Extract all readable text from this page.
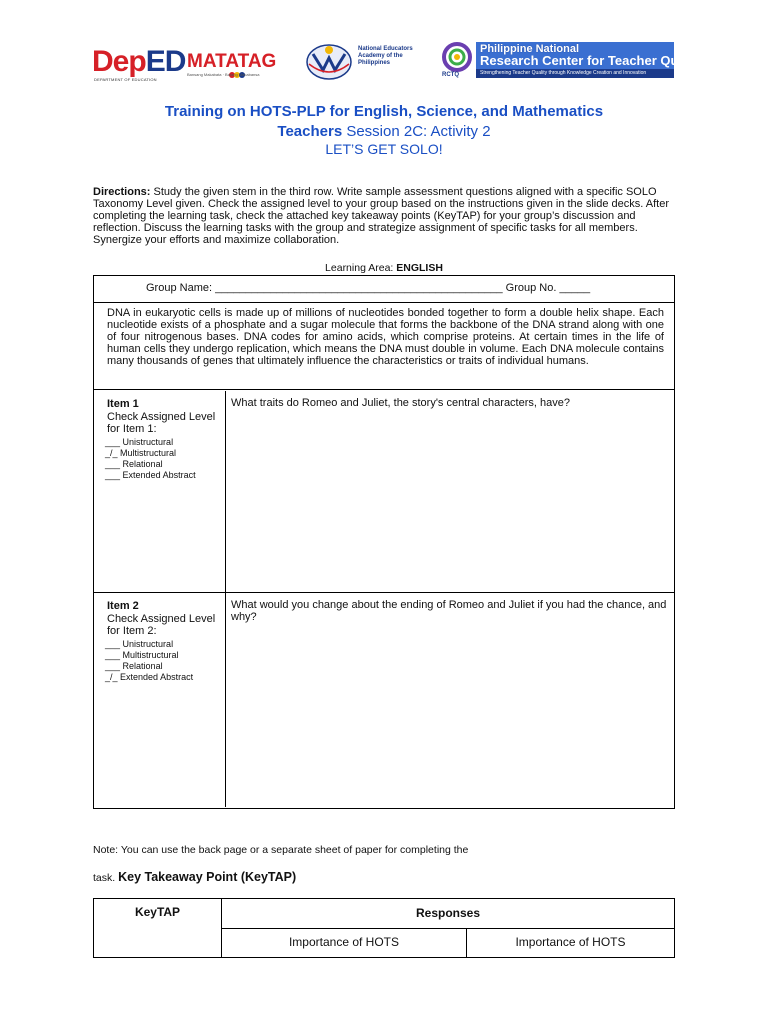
DepED
DEPARTMENT OF EDUCATION
MATATAG
Bansang Makabata · Batang Makabansa
National Educators Academy of the Philippines
RCTQ
Philippine National
Research Center for Teacher Quality
Strengthening Teacher Quality through Knowledge Creation and Innovation
Training on HOTS-PLP for English, Science, and Mathematics
Teachers Session 2C: Activity 2
LET’S GET SOLO!
Directions: Study the given stem in the third row. Write sample assessment questions aligned with a specific SOLO Taxonomy Level given. Check the assigned level to your group based on the instructions given in the slide decks. After completing the learning task, check the attached key takeaway points (KeyTAP) for your group’s discussion and reflection. Discuss the learning tasks with the group and strategize assignment of specific tasks for all members. Synergize your efforts and maximize collaboration.
Learning Area: ENGLISH
Group Name: _______________________________________________ Group No. _____
DNA in eukaryotic cells is made up of millions of nucleotides bonded together to form a double helix shape. Each nucleotide exists of a phosphate and a sugar molecule that forms the backbone of the DNA strand along with one of four nitrogenous bases. DNA codes for amino acids, which comprise proteins. At certain times in the life of human cells they undergo replication, which means the DNA must double in volume. Each DNA molecule contains many thousands of genes that ultimately influence the characteristics or traits of individual humans.
Item 1
Check Assigned Level for Item 1:
___ Unistructural
_/_ Multistructural
___ Relational
___ Extended Abstract
What traits do Romeo and Juliet, the story's central characters, have?
Item 2
Check Assigned Level for Item 2:
___ Unistructural
___ Multistructural
___ Relational
_/_ Extended Abstract
What would you change about the ending of Romeo and Juliet if you had the chance, and why?
Note: You can use the back page or a separate sheet of paper for completing the
task. Key Takeaway Point (KeyTAP)
KeyTAP	Responses
Importance of HOTS	Importance of HOTS
